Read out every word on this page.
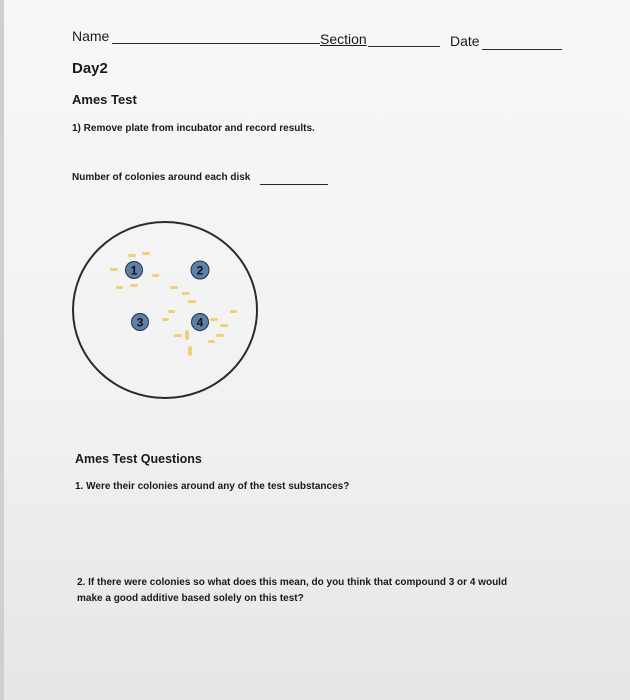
Name	Section	Date
Day2
Ames Test
1) Remove plate from incubator and record results.
Number of colonies around each disk
1	2
3	4
Ames Test Questions
1. Were their colonies around any of the test substances?
2. If there were colonies so what does this mean, do you think that compound 3 or 4 would
make a good additive based solely on this test?
